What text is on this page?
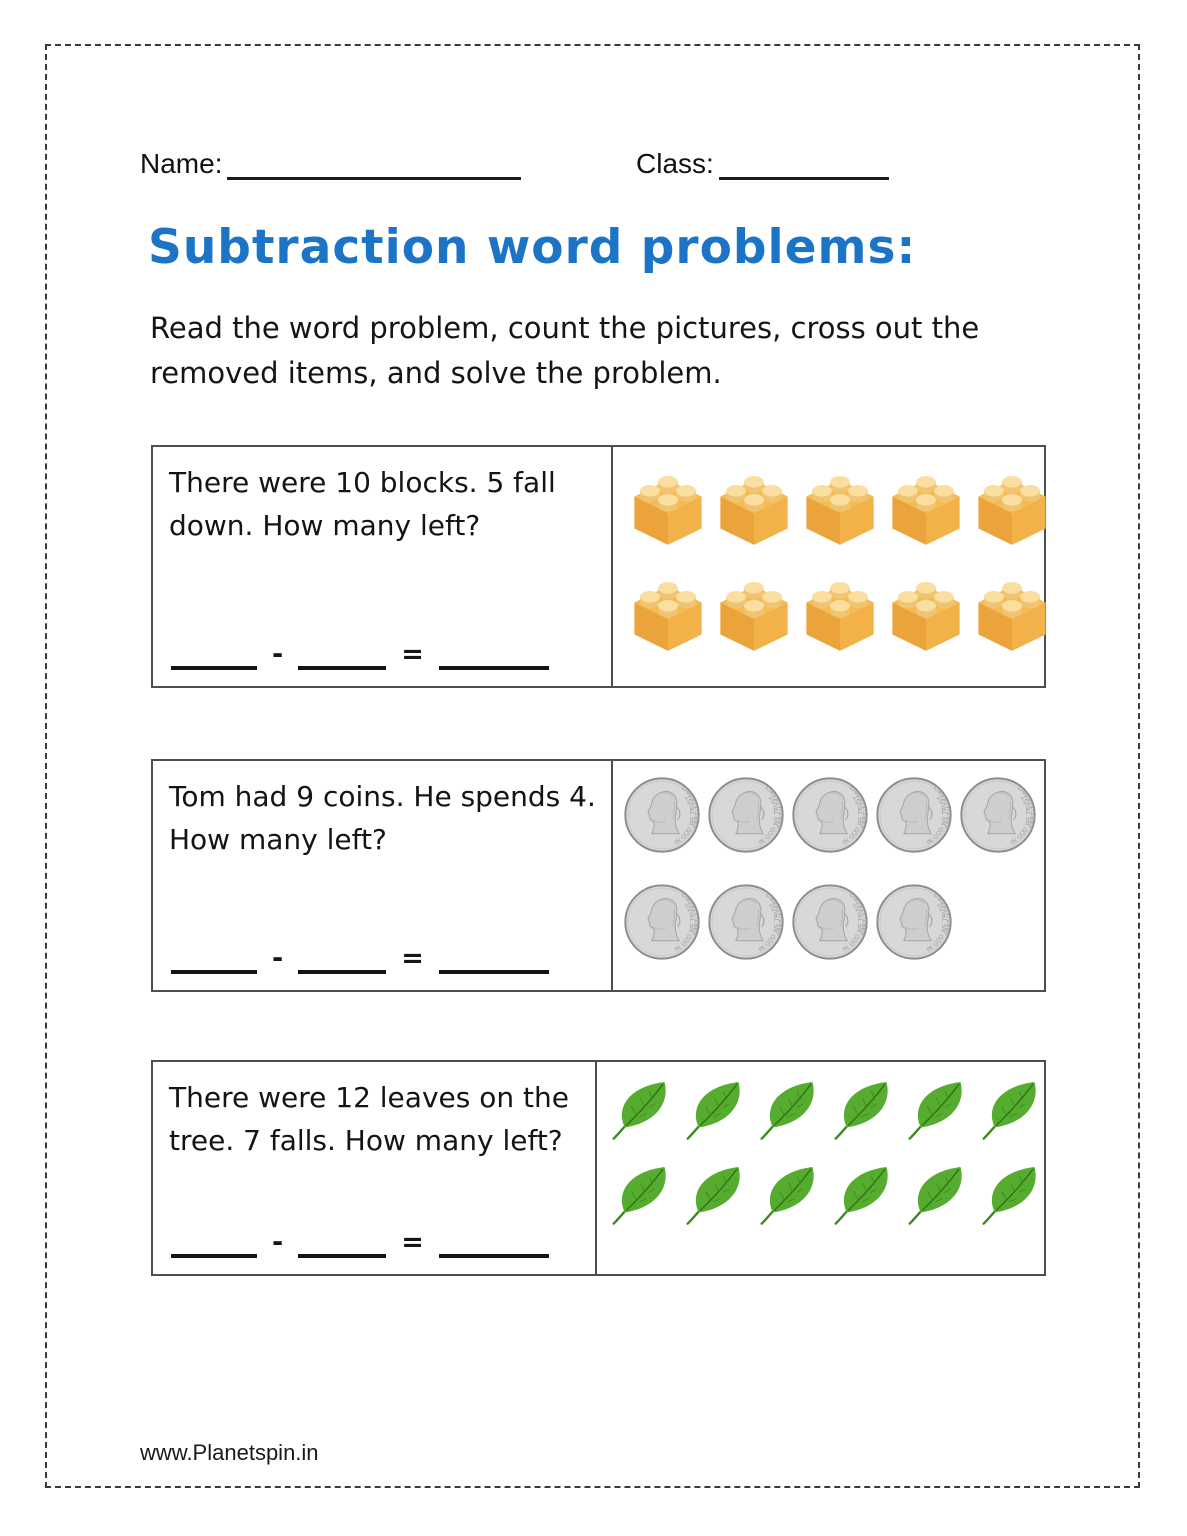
Name:	Class:
Subtraction word problems:

Read the word problem, count the pictures, cross out the removed items, and solve the problem.

There were 10 blocks. 5 fall down. How many left?

-	=

Tom had 9 coins. He spends 4. How many left?

-	=

There were 12 leaves on the tree. 7 falls. How many left?

-	=
www.Planetspin.in
